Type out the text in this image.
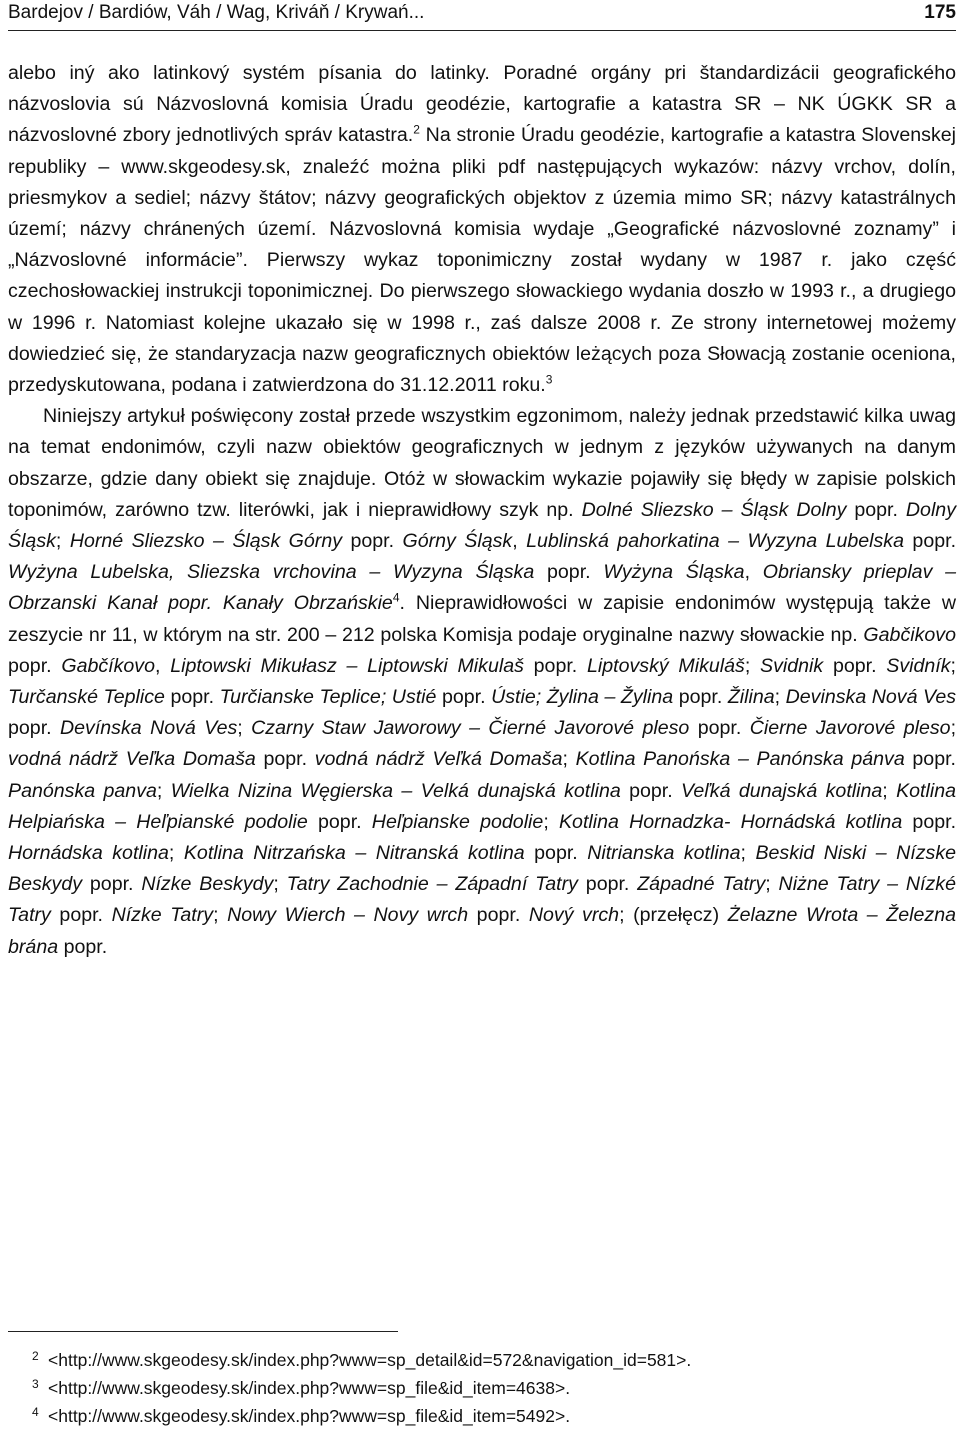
Bardejov / Bardiów, Váh / Wag, Kriváň / Krywań...	175

alebo iný ako latinkový systém písania do latinky. Poradné orgány pri štandardizácii geografického názvoslovia sú Názvoslovná komisia Úradu geodézie, kartografie a katastra SR – NK ÚGKK SR a názvoslovné zbory jednotlivých správ katastra.$^2$ Na stronie Úradu geodézie, kartografie a katastra Slovenskej republiky – www.skgeodesy.sk, znaleźć można pliki pdf następujących wykazów: názvy vrchov, dolín, priesmykov a sediel; názvy štátov; názvy geografických objektov z územia mimo SR; názvy katastrálnych území; názvy chránených území. Názvoslovná komisia wydaje „Geografické názvoslovné zoznamy” i „Názvoslovné informácie”. Pierwszy wykaz toponimiczny został wydany w 1987 r. jako część czechosłowackiej instrukcji toponimicznej. Do pierwszego słowackiego wydania doszło w 1993 r., a drugiego w 1996 r. Natomiast kolejne ukazało się w 1998 r., zaś dalsze 2008 r. Ze strony internetowej możemy dowiedzieć się, że standaryzacja nazw geograficznych obiektów leżących poza Słowacją zostanie oceniona, przedyskutowana, podana i zatwierdzona do 31.12.2011 roku.$^3$

Niniejszy artykuł poświęcony został przede wszystkim egzonimom, należy jednak przedstawić kilka uwag na temat endonimów, czyli nazw obiektów geograficznych w jednym z języków używanych na danym obszarze, gdzie dany obiekt się znajduje. Otóż w słowackim wykazie pojawiły się błędy w zapisie polskich toponimów, zarówno tzw. literówki, jak i nieprawidłowy szyk np. Dolné Sliezsko – Śląsk Dolny popr. Dolny Śląsk; Horné Sliezsko – Śląsk Górny popr. Górny Śląsk, Lublinská pahorkatina – Wyzyna Lubelska popr. Wyżyna Lubelska, Sliezska vrchovina – Wyzyna Śląska popr. Wyżyna Śląska, Obriansky prieplav – Obrzanski Kanał popr. Kanały Obrzańskie$^4$. Nieprawidłowości w zapisie endonimów występują także w zeszycie nr 11, w którym na str. 200 – 212 polska Komisja podaje oryginalne nazwy słowackie np. Gabčikovo popr. Gabčíkovo, Liptowski Mikułasz – Liptowski Mikulaš popr. Liptovský Mikuláš; Svidnik popr. Svidník; Turčanské Teplice popr. Turčianske Teplice; Ustié popr. Ústie; Żylina – Žylina popr. Žilina; Devinska Nová Ves popr. Devínska Nová Ves; Czarny Staw Jaworowy – Čierné Javorové pleso popr. Čierne Javorové pleso; vodná nádrž Veľka Domaša popr. vodná nádrž Veľká Domaša; Kotlina Panońska – Panónska pánva popr. Panónska panva; Wielka Nizina Węgierska – Velká dunajská kotlina popr. Veľká dunajská kotlina; Kotlina Helpiańska – Heľpianské podolie popr. Heľpianske podolie; Kotlina Hornadzka- Hornádská kotlina popr. Hornádska kotlina; Kotlina Nitrzańska – Nitranská kotlina popr. Nitrianska kotlina; Beskid Niski – Nízske Beskydy popr. Nízke Beskydy; Tatry Zachodnie – Západní Tatry popr. Západné Tatry; Niżne Tatry – Nízké Tatry popr. Nízke Tatry; Nowy Wierch – Novy wrch popr. Nový vrch; (przełęcz) Żelazne Wrota – Železna brána popr.

2 <http://www.skgeodesy.sk/index.php?www=sp_detail&id=572&navigation_id=581>.
3 <http://www.skgeodesy.sk/index.php?www=sp_file&id_item=4638>.
4 <http://www.skgeodesy.sk/index.php?www=sp_file&id_item=5492>.
